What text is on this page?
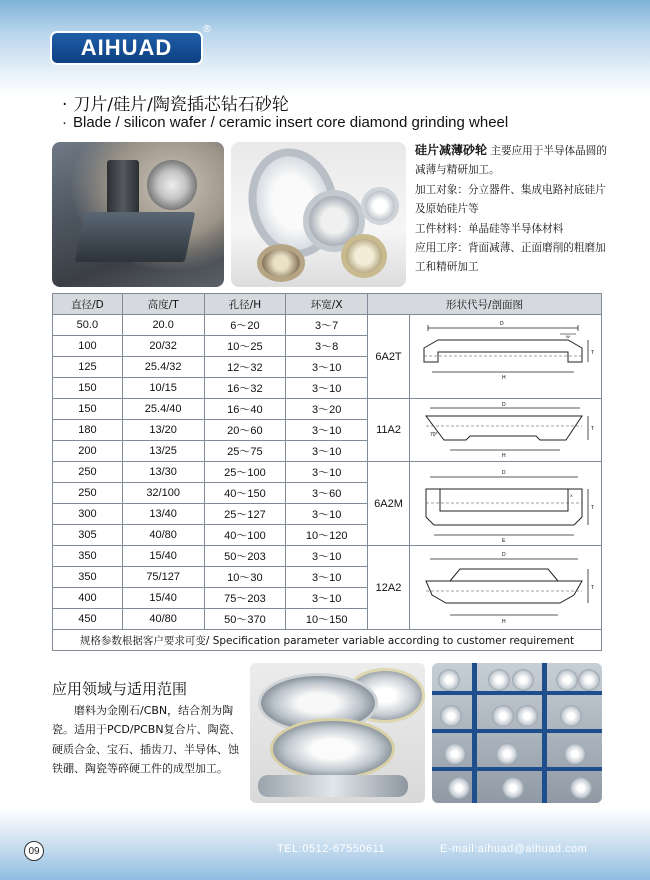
AIHUAD
®
· 刀片/硅片/陶瓷插芯钻石砂轮
· Blade / silicon wafer / ceramic insert core diamond grinding wheel

硅片减薄砂轮 主要应用于半导体晶圆的减薄与精研加工。

加工对象：分立器件、集成电路衬底硅片及原始硅片等

工件材料：单晶硅等半导体材料

应用工序：背面减薄、正面磨削的粗磨加工和精研加工

直径/D	高度/T	孔径/H	环宽/X	形状代号/剖面图	
50.0	20.0	6～20	3～7	6A2T	D
H
T
W

100	20/32	10～25	3～8		
125	25.4/32	12～32	3～10		
150	10/15	16～32	3～10		
150	25.4/40	16～40	3～20	11A2	D
70°
H
T

180	13/20	20～60	3～10		
200	13/25	25～75	3～10		
250	13/30	25～100	3～10	6A2M	D
E
T
X

250	32/100	40～150	3～60		
300	13/40	25～127	3～10		
305	40/80	40～100	10～120		
350	15/40	50～203	3～10	12A2	D
H
T

350	75/127	10～30	3～10		
400	15/40	75～203	3～10		
450	40/80	50～370	10～150		
规格参数根据客户要求可变/ Specification parameter variable according to customer requirement					
应用领域与适用范围
磨料为金刚石/CBN，结合剂为陶瓷。适用于PCD/PCBN复合片、陶瓷、硬质合金、宝石、插齿刀、半导体、蚀铁硼、陶瓷等碎硬工件的成型加工。
09	TEL:0512-67550611	E-mail:aihuad@aihuad.com
